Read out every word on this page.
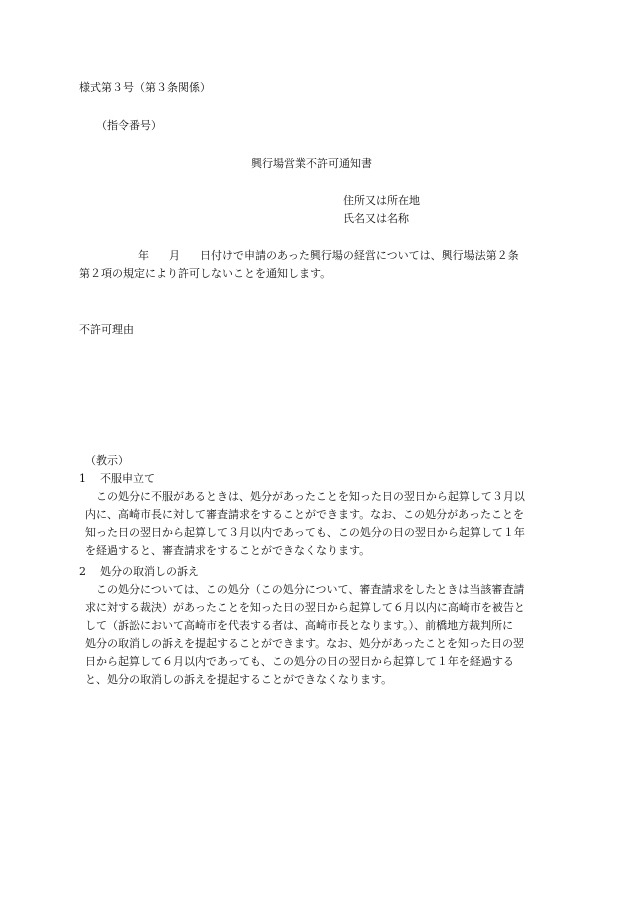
様式第３号（第３条関係）

（指令番号）

興行場営業不許可通知書

住所又は所在地

氏名又は名称

年 月 日付けで申請のあった興行場の経営については、興行場法第２条

第２項の規定により許可しないことを通知します。

不許可理由

（教示）

1 不服申立て
この処分に不服があるときは、処分があったことを知った日の翌日から起算して３月以
内に、高崎市長に対して審査請求をすることができます。なお、この処分があったことを
知った日の翌日から起算して３月以内であっても、この処分の日の翌日から起算して１年
を経過すると、審査請求をすることができなくなります。
2 処分の取消しの訴え
この処分については、この処分（この処分について、審査請求をしたときは当該審査請
求に対する裁決）があったことを知った日の翌日から起算して６月以内に高崎市を被告と
して（訴訟において高崎市を代表する者は、高崎市長となります。）、前橋地方裁判所に
処分の取消しの訴えを提起することができます。なお、処分があったことを知った日の翌
日から起算して６月以内であっても、この処分の日の翌日から起算して１年を経過する
と、処分の取消しの訴えを提起することができなくなります。
